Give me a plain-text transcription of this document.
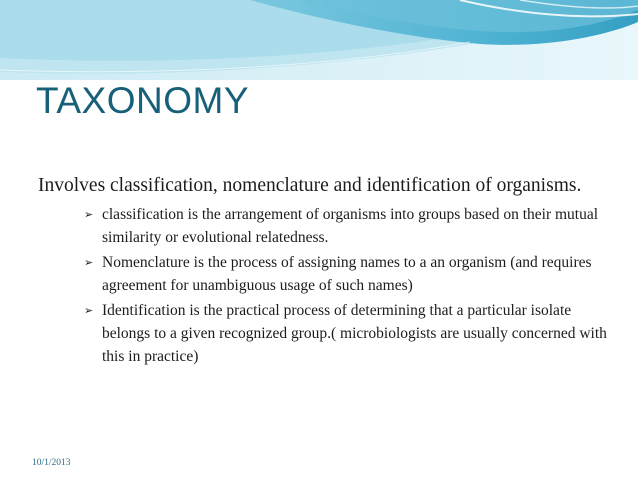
TAXONOMY

Involves classification, nomenclature and identification of organisms.

➢ classification is the arrangement of organisms into groups based on their mutual similarity or evolutional relatedness.
➢ Nomenclature is the process of assigning names to a an organism (and requires agreement for unambiguous usage of such names)
➢ Identification is the practical process of determining that a particular isolate belongs to a given recognized group.( microbiologists are usually concerned with this in practice)
10/1/2013
